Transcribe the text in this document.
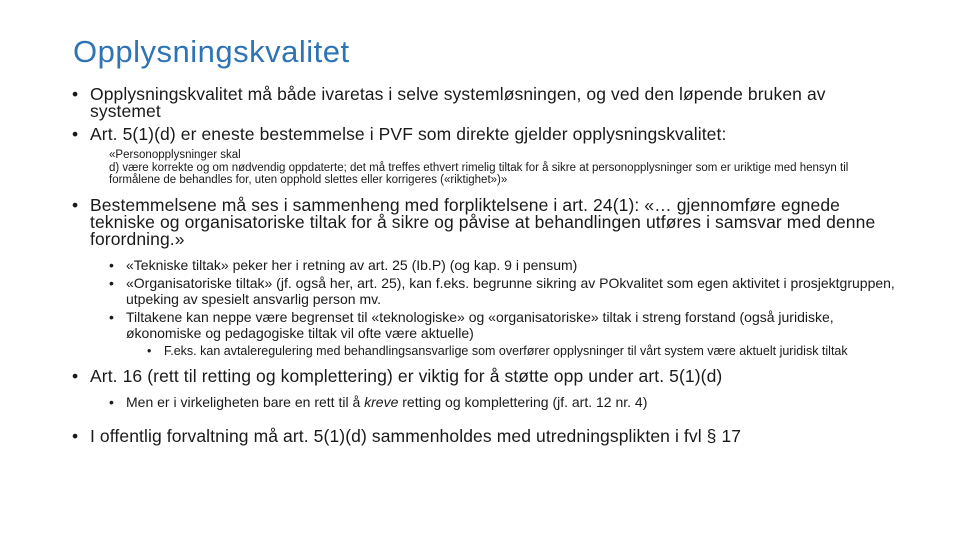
Opplysningskvalitet

• Opplysningskvalitet må både ivaretas i selve systemløsningen, og ved den løpende bruken av systemet

• Art. 5(1)(d) er eneste bestemmelse i PVF som direkte gjelder opplysningskvalitet:

«Personopplysninger skal

d) være korrekte og om nødvendig oppdaterte; det må treffes ethvert rimelig tiltak for å sikre at personopplysninger som er uriktige med hensyn til formålene de behandles for, uten opphold slettes eller korrigeres («riktighet»)»

• Bestemmelsene må ses i sammenheng med forpliktelsene i art. 24(1): «… gjennomføre egnede tekniske og organisatoriske tiltak for å sikre og påvise at behandlingen utføres i samsvar med denne forordning.»

• «Tekniske tiltak» peker her i retning av art. 25 (Ib.P) (og kap. 9 i pensum)

• «Organisatoriske tiltak» (jf. også her, art. 25), kan f.eks. begrunne sikring av POkvalitet som egen aktivitet i prosjektgruppen, utpeking av spesielt ansvarlig person mv.

• Tiltakene kan neppe være begrenset til «teknologiske» og «organisatoriske» tiltak i streng forstand (også juridiske, økonomiske og pedagogiske tiltak vil ofte være aktuelle)

• F.eks. kan avtaleregulering med behandlingsansvarlige som overfører opplysninger til vårt system være aktuelt juridisk tiltak

• Art. 16 (rett til retting og komplettering) er viktig for å støtte opp under art. 5(1)(d)

• Men er i virkeligheten bare en rett til å kreve retting og komplettering (jf. art. 12 nr. 4)

• I offentlig forvaltning må art. 5(1)(d) sammenholdes med utredningsplikten i fvl § 17
